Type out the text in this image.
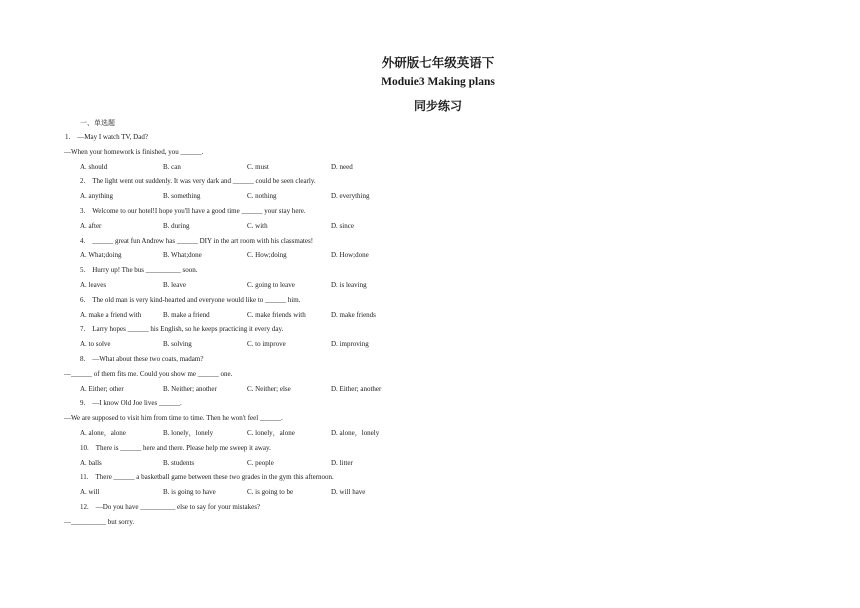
外研版七年级英语下
Moduie3 Making plans
同步练习
一、单选题
1.　—May I watch TV, Dad?
—When your homework is finished, you ______.
A. should	B. can	C. must	D. need
2.　The light went out suddenly. It was very dark and ______ could be seen clearly.
A. anything	B. something	C. nothing	D. everything
3.　Welcome to our hotel!I hope you'll have a good time ______ your stay here.
A. after	B. during	C. with	D. since
4.　______ great fun Andrew has ______ DIY in the art room with his classmates!
A. What;doing	B. What;done	C. How;doing	D. How;done
5.　Hurry up! The bus __________ soon.
A. leaves	B. leave	C. going to leave	D. is leaving
6.　The old man is very kind-hearted and everyone would like to ______ him.
A. make a friend with	B. make a friend	C. make friends with	D. make friends
7.　Larry hopes ______ his English, so he keeps practicing it every day.
A. to solve	B. solving	C. to improve	D. improving
8.　—What about these two coats, madam?
—______ of them fits me. Could you show me ______ one.
A. Either; other	B. Neither; another	C. Neither; else	D. Either; another
9.　—I know Old Joe lives ______.
—We are supposed to visit him from time to time. Then he won't feel ______.
A. alone，alone	B. lonely，lonely	C. lonely，alone	D. alone，lonely
10.　There is ______ here and there. Please help me sweep it away.
A. balls	B. students	C. people	D. litter
11.　There ______ a basketball game between these two grades in the gym this afternoon.
A. will	B. is going to have	C. is going to be	D. will have
12.　—Do you have __________ else to say for your mistakes?
—__________ but sorry.
